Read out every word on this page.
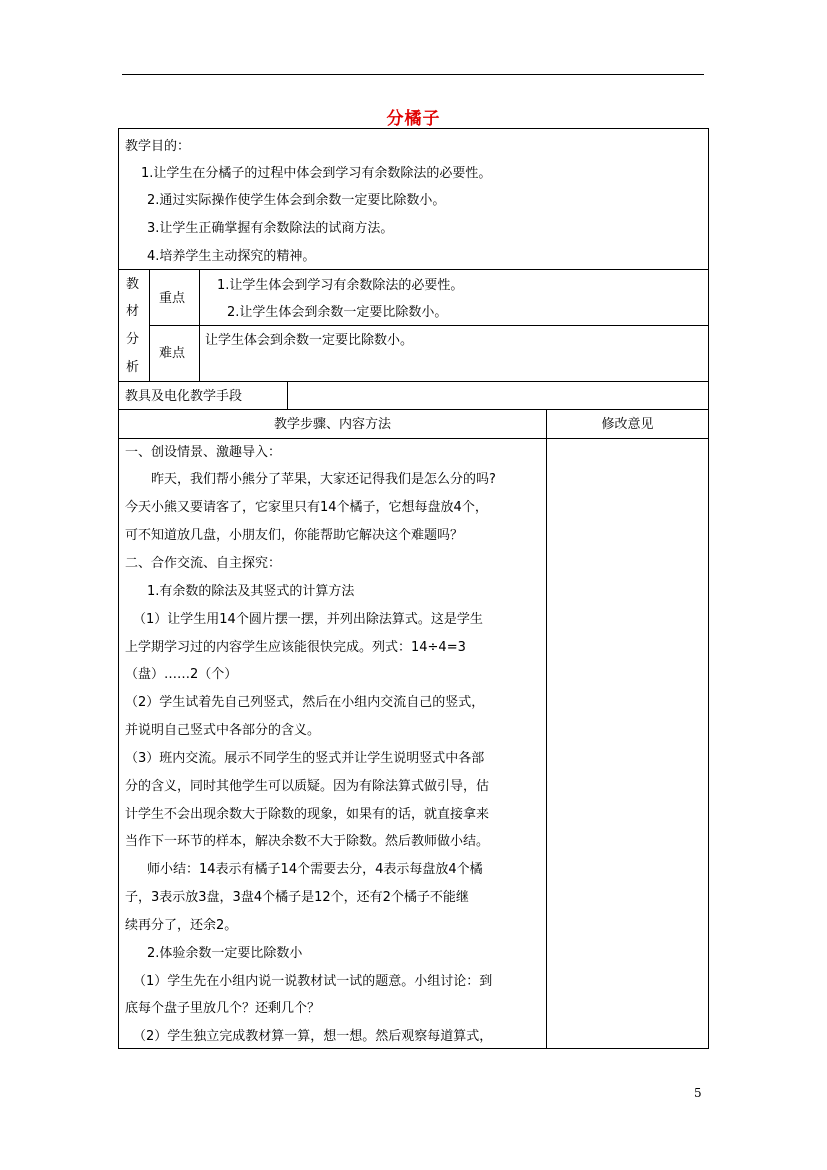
分橘子
教学目的：
1.让学生在分橘子的过程中体会到学习有余数除法的必要性。
2.通过实际操作使学生体会到余数一定要比除数小。
3.让学生正确掌握有余数除法的试商方法。
4.培养学生主动探究的精神。
教
材
分
析
重点
1.让学生体会到学习有余数除法的必要性。
2.让学生体会到余数一定要比除数小。
难点
让学生体会到余数一定要比除数小。
教具及电化教学手段
教学步骤、内容方法	修改意见
一、创设情景、激趣导入：
昨天，我们帮小熊分了苹果，大家还记得我们是怎么分的吗?
今天小熊又要请客了，它家里只有14个橘子，它想每盘放4个，
可不知道放几盘，小朋友们，你能帮助它解决这个难题吗？
二、合作交流、自主探究：
1.有余数的除法及其竖式的计算方法
（1）让学生用14个圆片摆一摆，并列出除法算式。这是学生
上学期学习过的内容学生应该能很快完成。列式：14÷4=3
（盘）……2（个）
（2）学生试着先自己列竖式，然后在小组内交流自己的竖式，
并说明自己竖式中各部分的含义。
（3）班内交流。展示不同学生的竖式并让学生说明竖式中各部
分的含义，同时其他学生可以质疑。因为有除法算式做引导，估
计学生不会出现余数大于除数的现象，如果有的话，就直接拿来
当作下一环节的样本，解决余数不大于除数。然后教师做小结。
师小结：14表示有橘子14个需要去分，4表示每盘放4个橘
子，3表示放3盘，3盘4个橘子是12个，还有2个橘子不能继
续再分了，还余2。
2.体验余数一定要比除数小
（1）学生先在小组内说一说教材试一试的题意。小组讨论：到
底每个盘子里放几个？还剩几个？
（2）学生独立完成教材算一算，想一想。然后观察每道算式，
5
